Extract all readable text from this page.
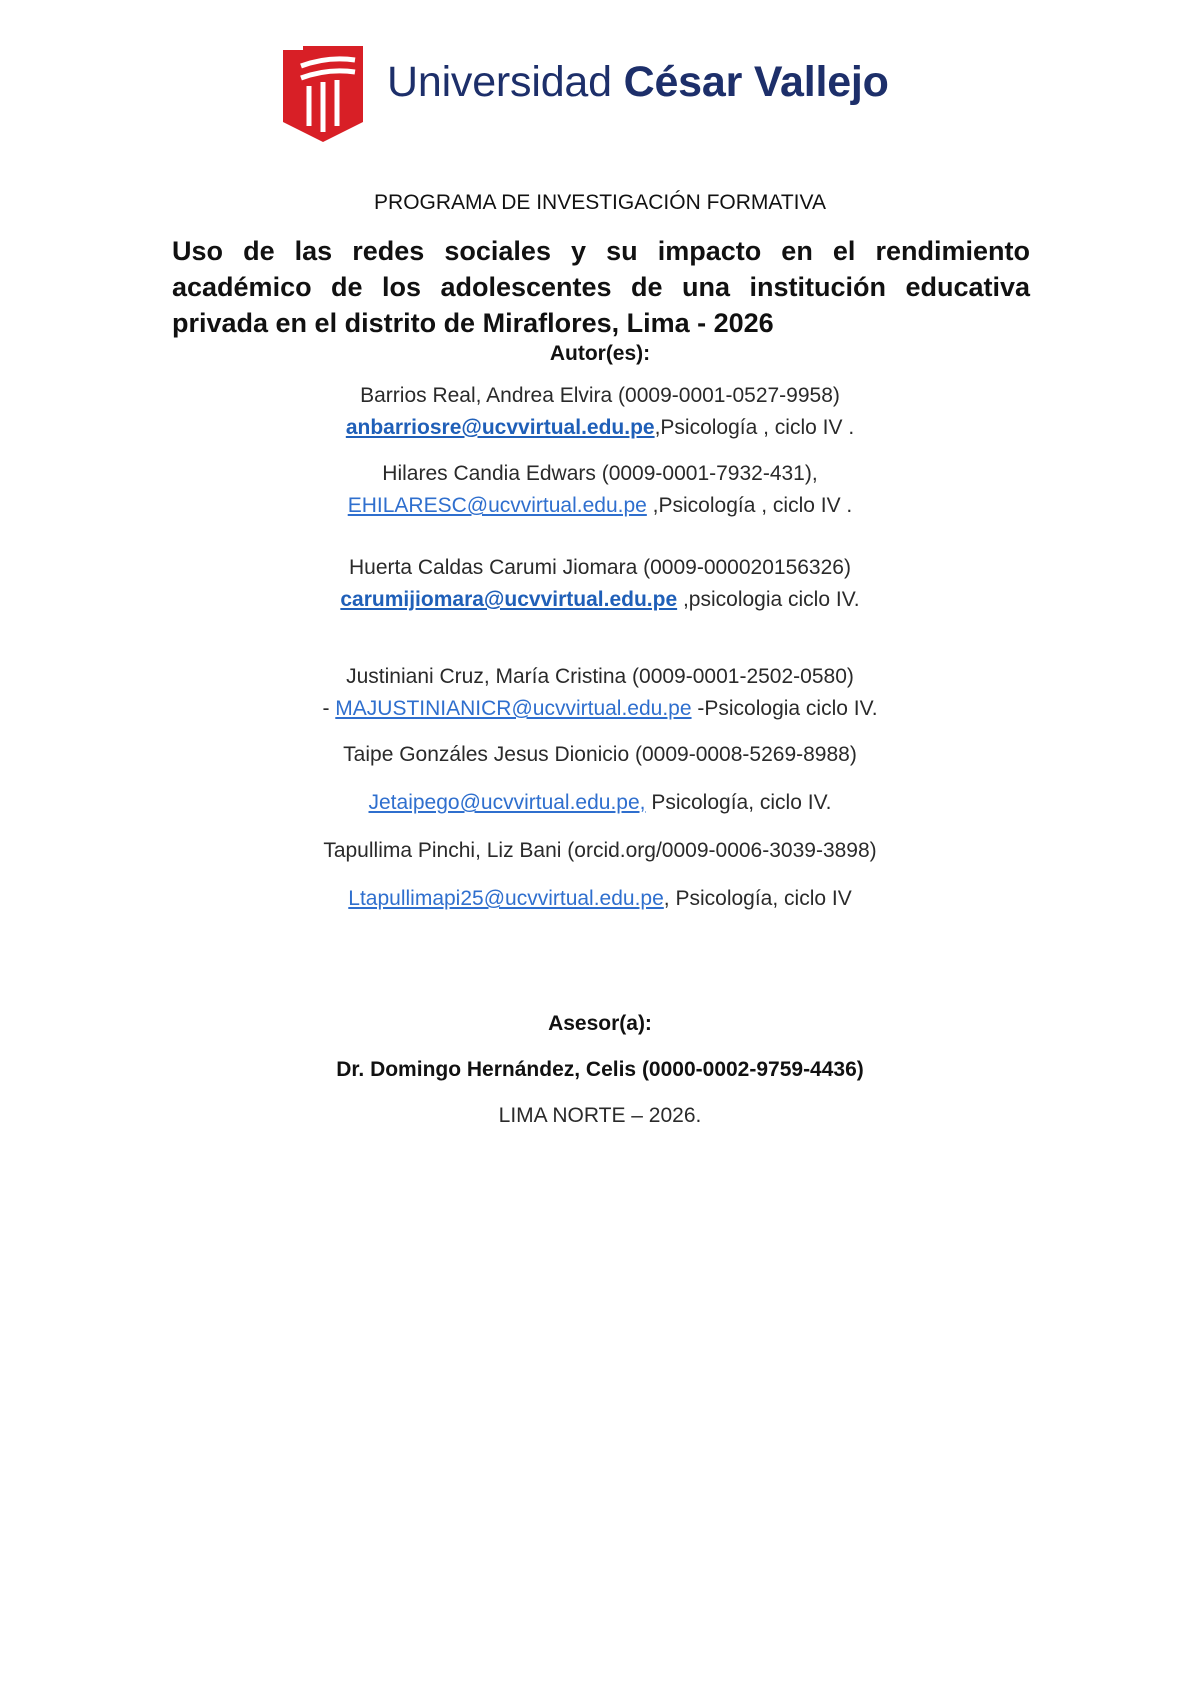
Universidad César Vallejo
PROGRAMA DE INVESTIGACIÓN FORMATIVA
Uso de las redes sociales y su impacto en el rendimiento
académico de los adolescentes de una institución educativa
privada en el distrito de Miraflores, Lima - 2026
Autor(es):
Barrios Real, Andrea Elvira (0009-0001-0527-9958)
anbarriosre@ucvvirtual.edu.pe,Psicología , ciclo IV .
Hilares Candia Edwars (0009-0001-7932-431),
EHILARESC@ucvvirtual.edu.pe ,Psicología , ciclo IV .
Huerta Caldas Carumi Jiomara (0009-000020156326)
carumijiomara@ucvvirtual.edu.pe ,psicologia ciclo IV.
Justiniani Cruz, María Cristina (0009-0001-2502-0580)
- MAJUSTINIANICR@ucvvirtual.edu.pe -Psicologia ciclo IV.
Taipe Gonzáles Jesus Dionicio (0009-0008-5269-8988)
Jetaipego@ucvvirtual.edu.pe, Psicología, ciclo IV.
Tapullima Pinchi, Liz Bani (orcid.org/0009-0006-3039-3898)
Ltapullimapi25@ucvvirtual.edu.pe, Psicología, ciclo IV
Asesor(a):
Dr. Domingo Hernández, Celis (0000-0002-9759-4436)
LIMA NORTE – 2026.
